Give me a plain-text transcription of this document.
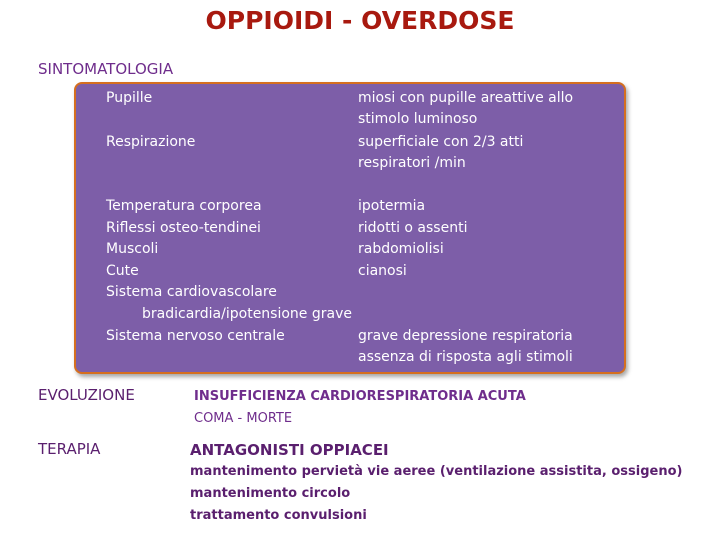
OPPIOIDI - OVERDOSE
SINTOMATOLOGIA
Pupille	miosi con pupille areattive allo
stimolo luminoso
Respirazione	superficiale con 2/3 atti
respiratori /min
Temperatura corporea	ipotermia
Riflessi osteo-tendinei	ridotti o assenti
Muscoli	rabdomiolisi
Cute	cianosi
Sistema cardiovascolare
bradicardia/ipotensione grave
Sistema nervoso centrale	grave depressione respiratoria
assenza di risposta agli stimoli
EVOLUZIONE	INSUFFICIENZA CARDIORESPIRATORIA ACUTA
COMA - MORTE
TERAPIA	ANTAGONISTI OPPIACEI
mantenimento pervietà vie aeree (ventilazione assistita, ossigeno)
mantenimento circolo
trattamento convulsioni
